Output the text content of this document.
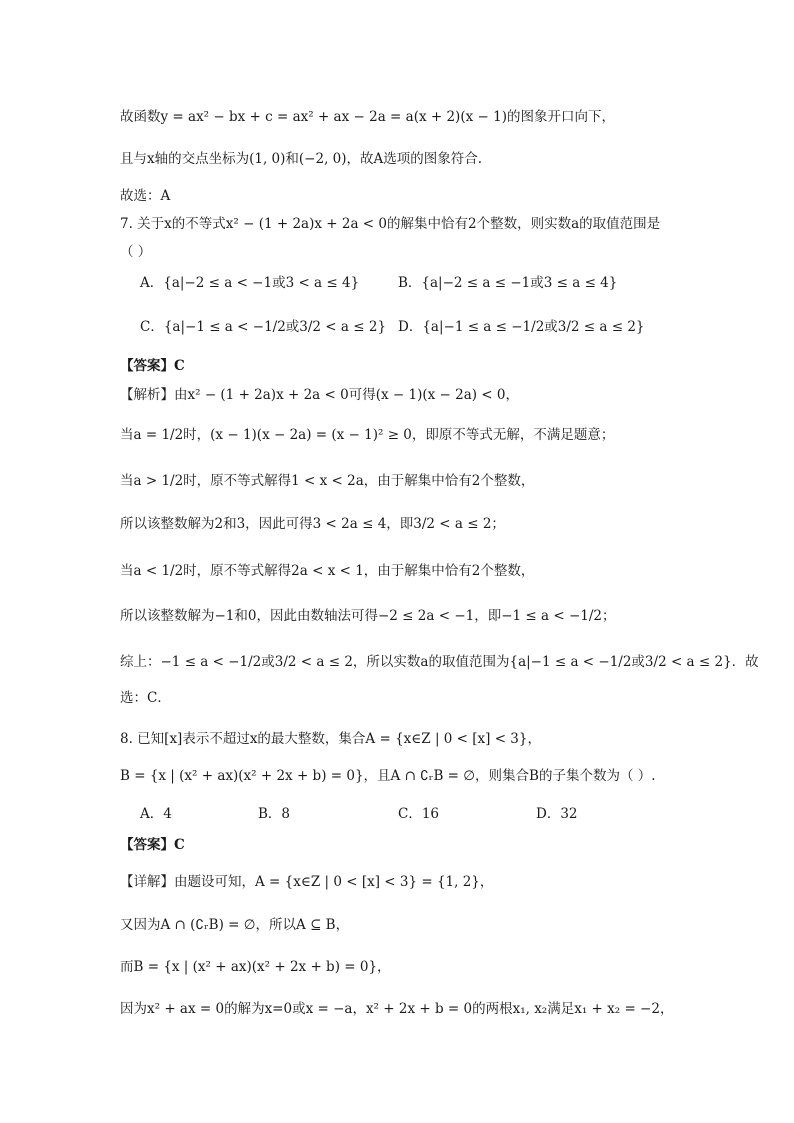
故函数y = ax² − bx + c = ax² + ax − 2a = a(x + 2)(x − 1)的图象开口向下，
且与x轴的交点坐标为(1, 0)和(−2, 0)，故A选项的图象符合.
故选：A
7. 关于x的不等式x² − (1 + 2a)x + 2a < 0的解集中恰有2个整数，则实数a的取值范围是
（ ）
A．{a|−2 ≤ a < −1或3 < a ≤ 4}	B．{a|−2 ≤ a ≤ −1或3 ≤ a ≤ 4}
C．{a|−1 ≤ a < −1/2或3/2 < a ≤ 2} D．{a|−1 ≤ a ≤ −1/2或3/2 ≤ a ≤ 2}
【答案】C
【解析】由x² − (1 + 2a)x + 2a < 0可得(x − 1)(x − 2a) < 0，
当a = 1/2时，(x − 1)(x − 2a) = (x − 1)² ≥ 0，即原不等式无解，不满足题意；
当a > 1/2时，原不等式解得1 < x < 2a，由于解集中恰有2个整数，
所以该整数解为2和3，因此可得3 < 2a ≤ 4，即3/2 < a ≤ 2；
当a < 1/2时，原不等式解得2a < x < 1，由于解集中恰有2个整数，
所以该整数解为−1和0，因此由数轴法可得−2 ≤ 2a < −1，即−1 ≤ a < −1/2；
综上：−1 ≤ a < −1/2或3/2 < a ≤ 2，所以实数a的取值范围为{a|−1 ≤ a < −1/2或3/2 < a ≤ 2}．故
选：C．
8. 已知[x]表示不超过x的最大整数，集合A = {x∈Z | 0 < [x] < 3}，
B = {x | (x² + ax)(x² + 2x + b) = 0}，且A ∩ ∁ᵣB = ∅，则集合B的子集个数为（ ）.
A．4	B．8	C．16	D．32
【答案】C
【详解】由题设可知，A = {x∈Z | 0 < [x] < 3} = {1, 2}，
又因为A ∩ (∁ᵣB) = ∅，所以A ⊆ B，
而B = {x | (x² + ax)(x² + 2x + b) = 0}，
因为x² + ax = 0的解为x=0或x = −a，x² + 2x + b = 0的两根x₁, x₂满足x₁ + x₂ = −2，
